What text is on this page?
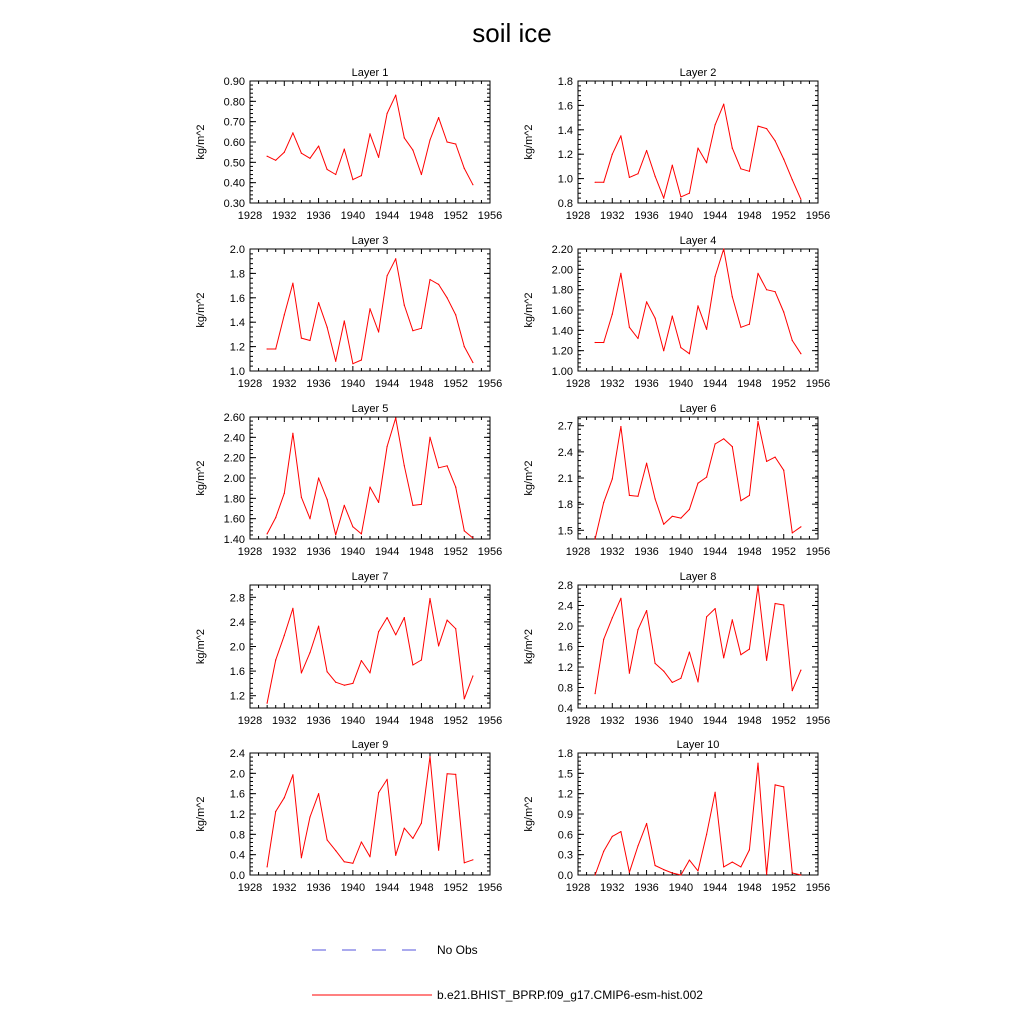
soil ice
Layer 1
kg/m^2
1928 1932 1936 1940 1944 1948 1952 1956
0.30
0.40
0.50
0.60
0.70
0.80
0.90
Layer 2
kg/m^2
1928 1932 1936 1940 1944 1948 1952 1956
0.8
1.0
1.2
1.4
1.6
1.8
Layer 3
kg/m^2
1928 1932 1936 1940 1944 1948 1952 1956
1.0
1.2
1.4
1.6
1.8
2.0
Layer 4
kg/m^2
1928 1932 1936 1940 1944 1948 1952 1956
1.00
1.20
1.40
1.60
1.80
2.00
2.20
Layer 5
kg/m^2
1928 1932 1936 1940 1944 1948 1952 1956
1.40
1.60
1.80
2.00
2.20
2.40
2.60
Layer 6
kg/m^2
1928 1932 1936 1940 1944 1948 1952 1956
1.5
1.8
2.1
2.4
2.7
Layer 7
kg/m^2
1928 1932 1936 1940 1944 1948 1952 1956
1.2
1.6
2.0
2.4
2.8
Layer 8
kg/m^2
1928 1932 1936 1940 1944 1948 1952 1956
0.4
0.8
1.2
1.6
2.0
2.4
2.8
Layer 9
kg/m^2
1928 1932 1936 1940 1944 1948 1952 1956
0.0
0.4
0.8
1.2
1.6
2.0
2.4
Layer 10
kg/m^2
1928 1932 1936 1940 1944 1948 1952 1956
0.0
0.3
0.6
0.9
1.2
1.5
1.8
No Obs
b.e21.BHIST_BPRP.f09_g17.CMIP6-esm-hist.002
